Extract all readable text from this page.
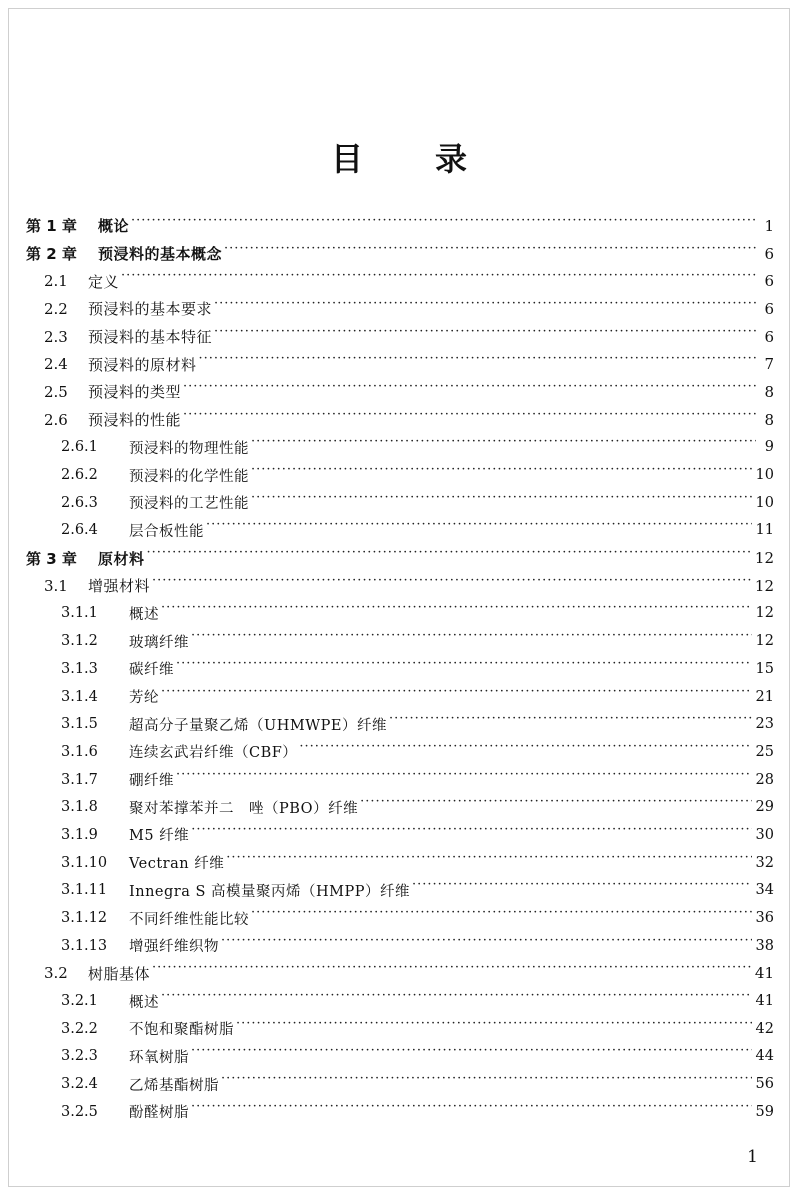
目 录
第 1 章	概论 ·····	1
第 2 章	预浸料的基本概念 ·····	6
2.1	定义 ·····	6
2.2	预浸料的基本要求 ·····	6
2.3	预浸料的基本特征 ·····	6
2.4	预浸料的原材料 ·····	7
2.5	预浸料的类型 ·····	8
2.6	预浸料的性能 ·····	8
2.6.1	预浸料的物理性能 ·····	9
2.6.2	预浸料的化学性能 ·····	10
2.6.3	预浸料的工艺性能 ·····	10
2.6.4	层合板性能 ·····	11
第 3 章	原材料 ·····	12
3.1	增强材料 ·····	12
3.1.1	概述 ·····	12
3.1.2	玻璃纤维 ·····	12
3.1.3	碳纤维 ·····	15
3.1.4	芳纶 ·····	21
3.1.5	超高分子量聚乙烯（UHMWPE）纤维 ·····	23
3.1.6	连续玄武岩纤维（CBF） ·····	25
3.1.7	硼纤维 ·····	28
3.1.8	聚对苯撑苯并二　唑（PBO）纤维 ·····	29
3.1.9	M5 纤维 ·····	30
3.1.10	Vectran 纤维 ·····	32
3.1.11	Innegra S 高模量聚丙烯（HMPP）纤维 ·····	34
3.1.12	不同纤维性能比较 ·····	36
3.1.13	增强纤维织物 ·····	38
3.2	树脂基体 ·····	41
3.2.1	概述 ·····	41
3.2.2	不饱和聚酯树脂 ·····	42
3.2.3	环氧树脂 ·····	44
3.2.4	乙烯基酯树脂 ·····	56
3.2.5	酚醛树脂 ·····	59
1
